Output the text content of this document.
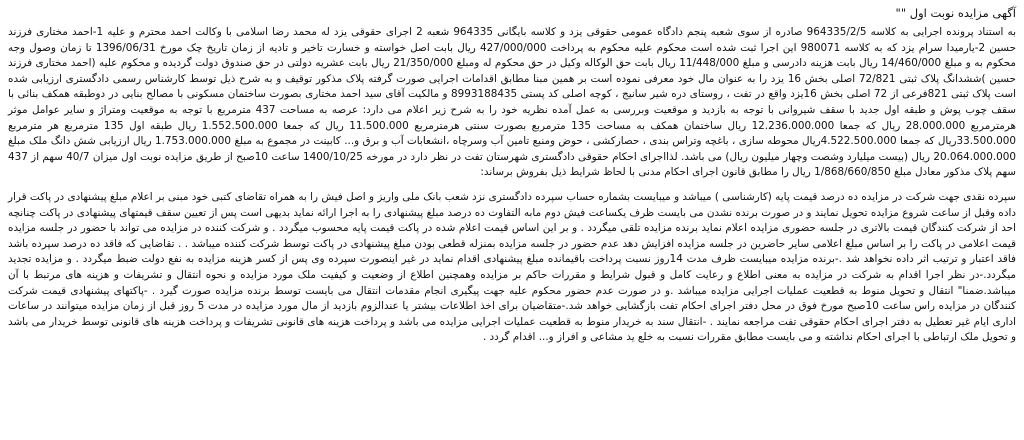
آگهی مزایده نوبت اول ""

به استناد پرونده اجرایی به کلاسه 964335/2/5 صادره از سوی شعبه پنجم دادگاه عمومی حقوقی یزد و کلاسه بایگانی 964335 شعبه 2 اجرای حقوقی یزد له محمد رضا اسلامی با وکالت احمد محترم و علیه 1-احمد مختاری فرزند حسین 2-یارمیدا سرام یزد که به کلاسه 980071 این اجرا ثبت شده است محکوم علیه محکوم به پرداخت 427/000/000 ریال بابت اصل خواسته و خسارت تاخیر و تادیه از زمان تاریخ چک مورخ 1396/06/31 تا زمان وصول وجه محکوم به و مبلغ 14/460/000 ریال بابت هزینه دادرسی و مبلغ 11/448/000 ریال بابت حق الوکاله وکیل در حق محکوم له ومبلغ 21/350/000 ریال بابت عشریه دولتی در حق صندوق دولت گردیده و محکوم علیه (احمد مختاری فرزند حسین )ششدانگ پلاک ثبتی 72/821 اصلی بخش 16 یزد را به عنوان مال خود معرفی نموده است بر همین مبنا مطابق اقدامات اجرایی صورت گرفته پلاک مذکور توقیف و به شرح ذیل توسط کارشناس رسمی دادگستری ارزیابی شده است پلاک ثبتی 821فرعی از 72 اصلی بخش 16یزد واقع در تفت ، روستای دره شیر سانیج ، کوچه اصلی کد پستی 8993188435 و مالکیت آقای سید احمد مختاری بصورت ساختمان مسکونی با مصالح بنایی در دوطبقه همکف بنائی با سقف چوب پوش و طبقه اول جدید با سقف شیروانی با توجه به بازدید و موقعیت وبررسی به عمل آمده نظریه خود را به شرح زیر اعلام می دارد: عرصه به مساحت 437 مترمربع با توجه به موقعیت ومتراژ و سایر عوامل موثر هرمترمربع 28.000.000 ریال که جمعا 12.236.000.000 ریال ساختمان همکف به مساحت 135 مترمربع بصورت سنتی هرمترمربع 11.500.000 ریال که جمعا 1.552.500.000 ریال طبقه اول 135 مترمربع هر مترمربع 33.500.000ریال که جمعا 4.522.500.000ریال محوطه سازی ، باغچه وتراس بندی ، حصارکشی ، حوض ومنبع تامین آب وسرچاه ،انشعابات آب و برق و... کابینت در مجموع به مبلغ 1.753.000.000 ریال ارزیابی شش دانگ ملک مبلغ 20.064.000.000 ریال (بیست میلیارد وشصت وچهار میلیون ریال) می باشد. لذااجرای احکام حقوقی دادگستری شهرستان تفت در نظر دارد در مورخه 1400/10/25 ساعت 10صبح از طریق مزایده نوبت اول میزان 40/7 سهم از 437 سهم پلاک مذکور معادل مبلغ 1/868/660/850 ریال را مطابق قانون اجرای احکام مدنی با لحاظ شرایط ذیل بفروش برساند:

سپرده نقدی جهت شرکت در مزایده ده درصد قیمت پایه (کارشناسی ) میباشد و میبایست بشماره حساب سپرده دادگستری نزد شعب بانک ملی واریز و اصل فیش را به همراه تقاضای کتبی خود مبنی بر اعلام مبلغ پیشنهادی در پاکت قرار داده وقبل از ساعت شروع مزایده تحویل نمایند و در صورت برنده نشدن می بایست ظرف یکساعت فیش دوم مابه التفاوت ده درصد مبلغ پیشنهادی را به اجرا ارائه نماید بدیهی است پس از تعیین سقف قیمتهای پیشنهادی در پاکت چنانچه احد از شرکت کنندگان قیمت بالاتری در جلسه حضوری مزایده اعلام نماید برنده مزایده تلقی میگردد . و بر این اساس قیمت اعلام شده در پاکت قیمت پایه محسوب میگردد . و شرکت کننده در مزایده می تواند با حضور در جلسه مزایده قیمت اعلامی در پاکت را بر اساس مبلغ اعلامی سایر حاضرین در جلسه مزایده افزایش دهد عدم حضور در جلسه مزایده بمنزله قطعی بودن مبلغ پیشنهادی در پاکت توسط شرکت کننده میباشد . . تقاضایی که فاقد ده درصد سپرده باشد فاقد اعتبار و ترتیب اثر داده نخواهد شد .-برنده مزایده میبایست ظرف مدت 14روز نسبت پرداخت باقیمانده مبلغ پیشنهادی اقدام نماید در غیر اینصورت سپرده وی پس از کسر هزینه مزایده به نفع دولت ضبط میگردد . و مزایده تجدید میگردد.-در نظر اجرا اقدام به شرکت در مزایده به معنی اطلاع و رعایت کامل و قبول شرایط و مقررات حاکم بر مزایده وهمچنین اطلاع از وضعیت و کیفیت ملک مورد مزایده و نحوه انتقال و تشریفات و هزینه های مرتبط با آن میباشد.ضمنا" انتقال و تحویل منوط به قطعیت عملیات اجرایی مزایده میباشد .و در صورت عدم حضور محکوم علیه جهت پیگیری انجام مقدمات انتقال می بایست توسط برنده مزایده صورت گیرد . -پاکتهای پیشنهادی قیمت شرکت کنندگان در مزایده راس ساعت 10صبح مورخ فوق در محل دفتر اجرای احکام تفت بازگشایی خواهد شد.-متقاضیان برای اخذ اطلاعات بیشتر یا عندالزوم بازدید از مال مورد مزایده در مدت 5 روز قبل از زمان مزایده میتوانند در ساعات اداری ایام غیر تعطیل به دفتر اجرای احکام حقوقی تفت مراجعه نمایند . -انتقال سند به خریدار منوط به قطعیت عملیات اجرایی مزایده می باشد و پرداخت هزینه های قانونی تشریفات و پرداخت هزینه های قانونی توسط خریدار می باشد و تحویل ملک ارتباطی با اجرای احکام نداشته و می بایست مطابق مقررات نسبت به خلع ید مشاعی و افراز و... اقدام گردد .
